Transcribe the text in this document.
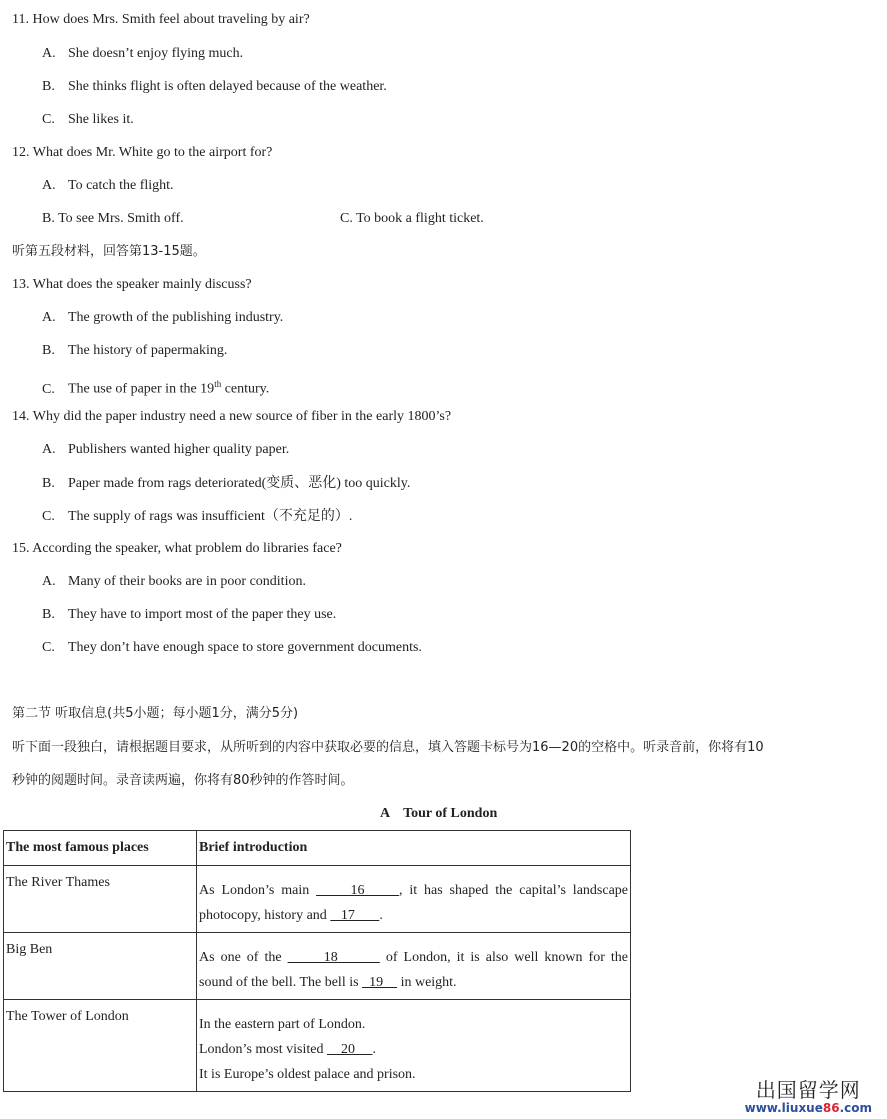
11. How does Mrs. Smith feel about traveling by air?
A. She doesn’t enjoy flying much.
B. She thinks flight is often delayed because of the weather.
C. She likes it.
12. What does Mr. White go to the airport for?
A. To catch the flight.
B. To see Mrs. Smith off.	C. To book a flight ticket.
听第五段材料，回答第13-15题。
13. What does the speaker mainly discuss?
A. The growth of the publishing industry.
B. The history of papermaking.
C. The use of paper in the 19th century.
14. Why did the paper industry need a new source of fiber in the early 1800’s?
A. Publishers wanted higher quality paper.
B. Paper made from rags deteriorated(变质、恶化) too quickly.
C. The supply of rags was insufficient（不充足的）.
15. According the speaker, what problem do libraries face?
A. Many of their books are in poor condition.
B. They have to import most of the paper they use.
C. They don’t have enough space to store government documents.
第二节 听取信息(共5小题；每小题1分，满分5分)
听下面一段独白，请根据题目要求，从所听到的内容中获取必要的信息，填入答题卡标号为16—20的空格中。听录音前，你将有10
秒钟的阅题时间。录音读两遍，你将有80秒钟的作答时间。
A    Tour of London
The most famous places	Brief introduction
The River Thames	As London’s main      16     , it has shaped the capital’s landscape
photocopy, history and    17       .

Big Ben	As one of the       18        of London, it is also well known for the
sound of the bell. The bell is   19     in weight.

The Tower of London	In the eastern part of London.
London’s most visited     20     .
It is Europe’s oldest palace and prison.
出国留学网
www.liuxue86.com
